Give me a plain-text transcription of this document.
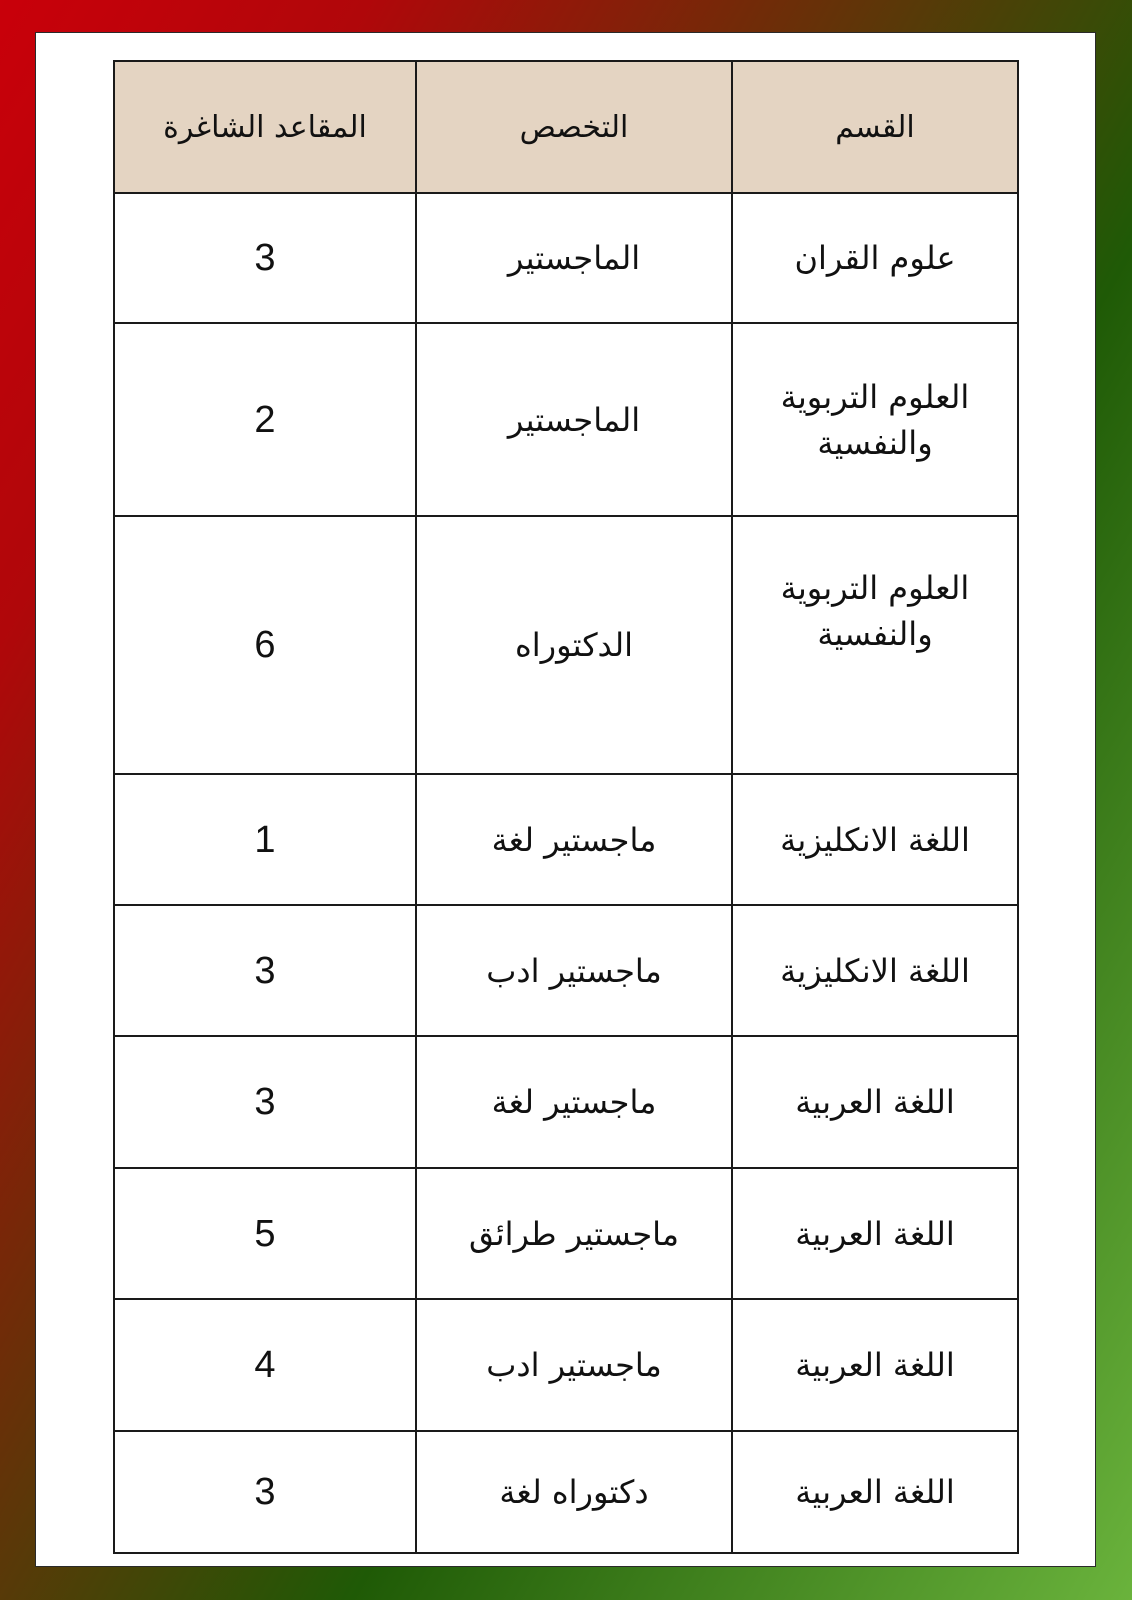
القسم	التخصص	المقاعد الشاغرة
علوم القران	الماجستير	3
العلوم التربوية والنفسية	الماجستير	2
العلوم التربوية والنفسية	الدكتوراه	6
اللغة الانكليزية	ماجستير لغة	1
اللغة الانكليزية	ماجستير ادب	3
اللغة العربية	ماجستير لغة	3
اللغة العربية	ماجستير طرائق	5
اللغة العربية	ماجستير ادب	4
اللغة العربية	دكتوراه لغة	3
